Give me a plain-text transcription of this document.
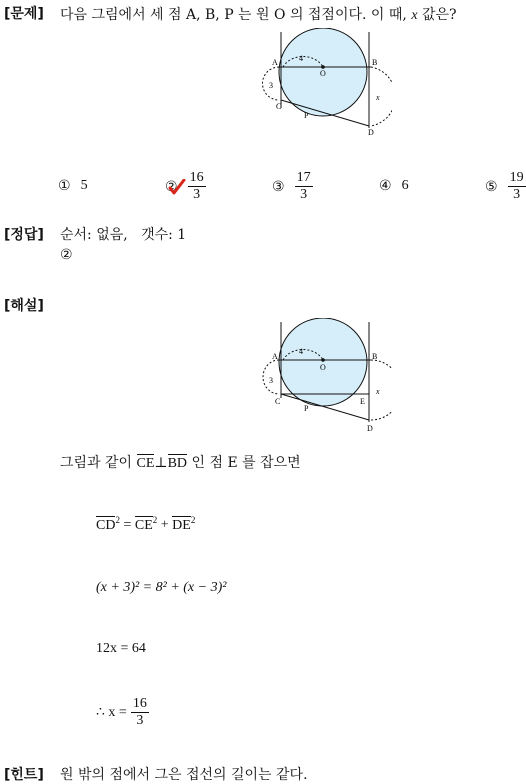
[문제] 다음 그림에서 세 점 A, B, P 는 원 O 의 접점이다. 이 때, x 값은?
A	B
O
C
P
D
4
3
x
① 5	② $\frac{16}{3}$	③ $\frac{17}{3}$	④ 6	⑤ $\frac{19}{3}$
[정답] 순서: 없음,   갯수: 1
②
[해설]
A	B
O
C
P
E
D
4
3
x
그림과 같이 CE⊥BD 인 점 E 를 잡으면
$CD^2 = CE^2 + DE^2$
(x + 3)² = 8² + (x − 3)²
12x = 64
∴ $x = \frac{16}{3}$
[힌트] 원 밖의 점에서 그은 접선의 길이는 같다.
